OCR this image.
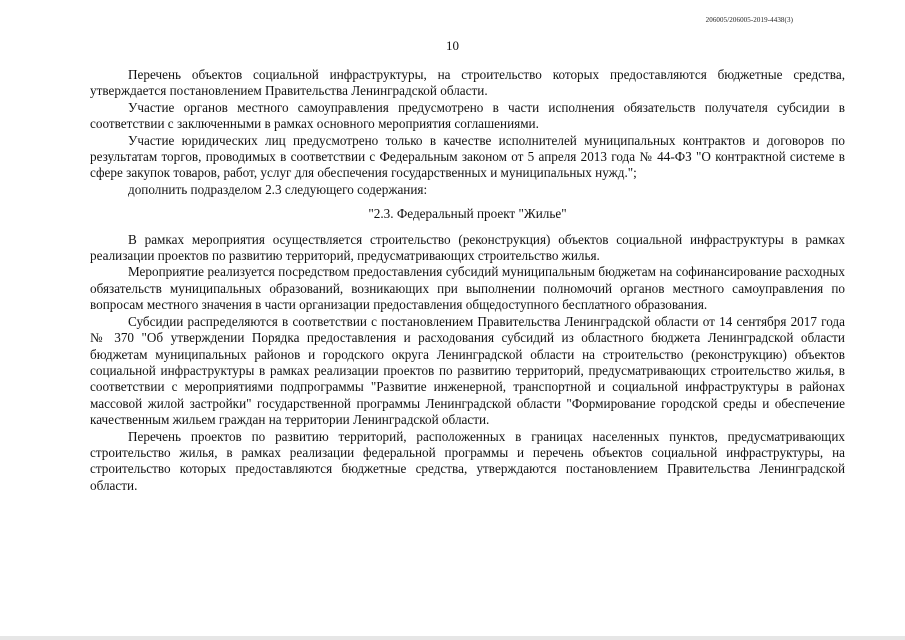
206005/206005-2019-4438(3)
10

Перечень объектов социальной инфраструктуры, на строительство которых предоставляются бюджетные средства, утверждается постановлением Правительства Ленинградской области.

Участие органов местного самоуправления предусмотрено в части исполнения обязательств получателя субсидии в соответствии с заключенными в рамках основного мероприятия соглашениями.

Участие юридических лиц предусмотрено только в качестве исполнителей муниципальных контрактов и договоров по результатам торгов, проводимых в соответствии с Федеральным законом от 5 апреля 2013 года № 44-ФЗ "О контрактной системе в сфере закупок товаров, работ, услуг для обеспечения государственных и муниципальных нужд.";

дополнить подразделом 2.3 следующего содержания:

"2.3. Федеральный проект "Жилье"

В рамках мероприятия осуществляется строительство (реконструкция) объектов социальной инфраструктуры в рамках реализации проектов по развитию территорий, предусматривающих строительство жилья.

Мероприятие реализуется посредством предоставления субсидий муниципальным бюджетам на софинансирование расходных обязательств муниципальных образований, возникающих при выполнении полномочий органов местного самоуправления по вопросам местного значения в части организации предоставления общедоступного бесплатного образования.

Субсидии распределяются в соответствии с постановлением Правительства Ленинградской области от 14 сентября 2017 года № 370 "Об утверждении Порядка предоставления и расходования субсидий из областного бюджета Ленинградской области бюджетам муниципальных районов и городского округа Ленинградской области на строительство (реконструкцию) объектов социальной инфраструктуры в рамках реализации проектов по развитию территорий, предусматривающих строительство жилья, в соответствии с мероприятиями подпрограммы "Развитие инженерной, транспортной и социальной инфраструктуры в районах массовой жилой застройки" государственной программы Ленинградской области "Формирование городской среды и обеспечение качественным жильем граждан на территории Ленинградской области.

Перечень проектов по развитию территорий, расположенных в границах населенных пунктов, предусматривающих строительство жилья, в рамках реализации федеральной программы и перечень объектов социальной инфраструктуры, на строительство которых предоставляются бюджетные средства, утверждаются постановлением Правительства Ленинградской области.
